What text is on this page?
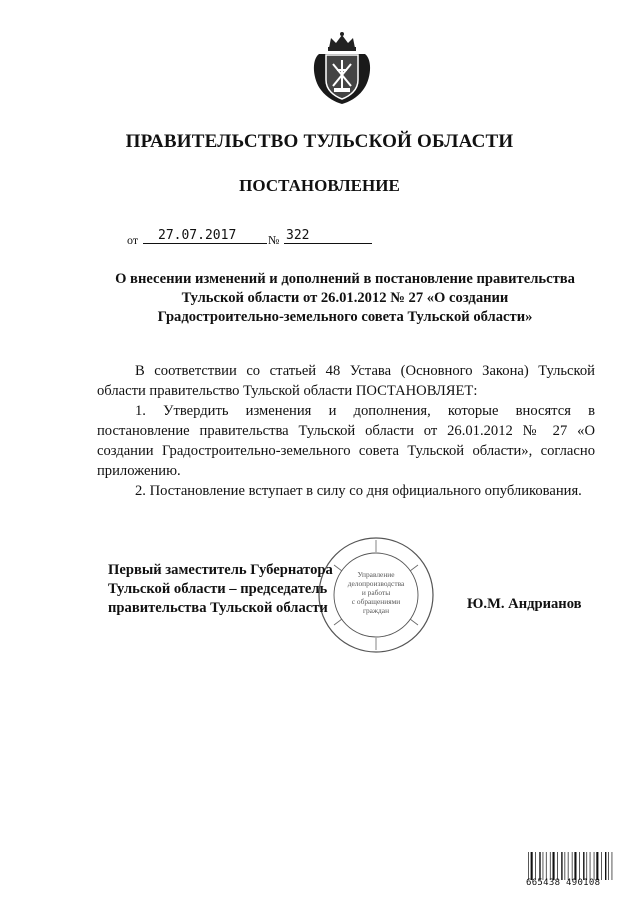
ПРАВИТЕЛЬСТВО ТУЛЬСКОЙ ОБЛАСТИ
ПОСТАНОВЛЕНИЕ
от 27.07.2017	№ 322
О внесении изменений и дополнений в постановление правительства
Тульской области от 26.01.2012 № 27 «О создании
Градостроительно-земельного совета Тульской области»

В соответствии со статьей 48 Устава (Основного Закона) Тульской области правительство Тульской области ПОСТАНОВЛЯЕТ:

1. Утвердить изменения и дополнения, которые вносятся в постановление правительства Тульской области от 26.01.2012 № 27 «О создании Градостроительно-земельного совета Тульской области», согласно приложению.

2. Постановление вступает в силу со дня официального опубликования.

Управление
делопроизводства
и работы
с обращениями
граждан
Первый заместитель Губернатора
Тульской области – председатель
правительства Тульской области	Ю.М. Андрианов
665438 490108
